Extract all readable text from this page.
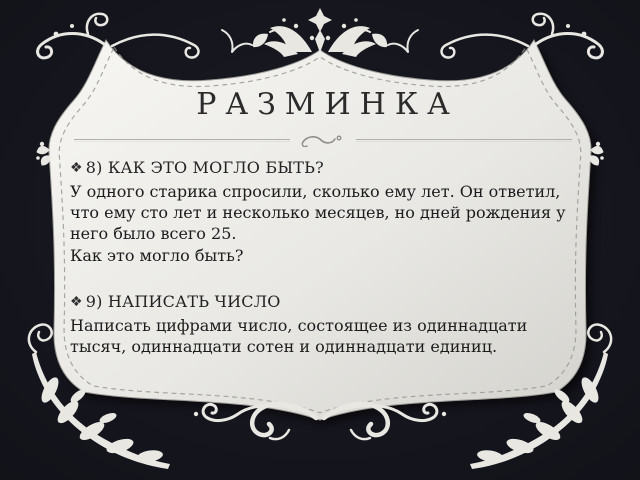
РАЗМИНКА
❖ 8) КАК ЭТО МОГЛО БЫТЬ?

У одного старика спросили, сколько ему лет. Он ответил, что ему сто лет и несколько месяцев, но дней рождения у него было всего 25.

Как это могло быть?

❖ 9) НАПИСАТЬ ЧИСЛО

Написать цифрами число, состоящее из одиннадцати тысяч, одиннадцати сотен и одиннадцати единиц.
